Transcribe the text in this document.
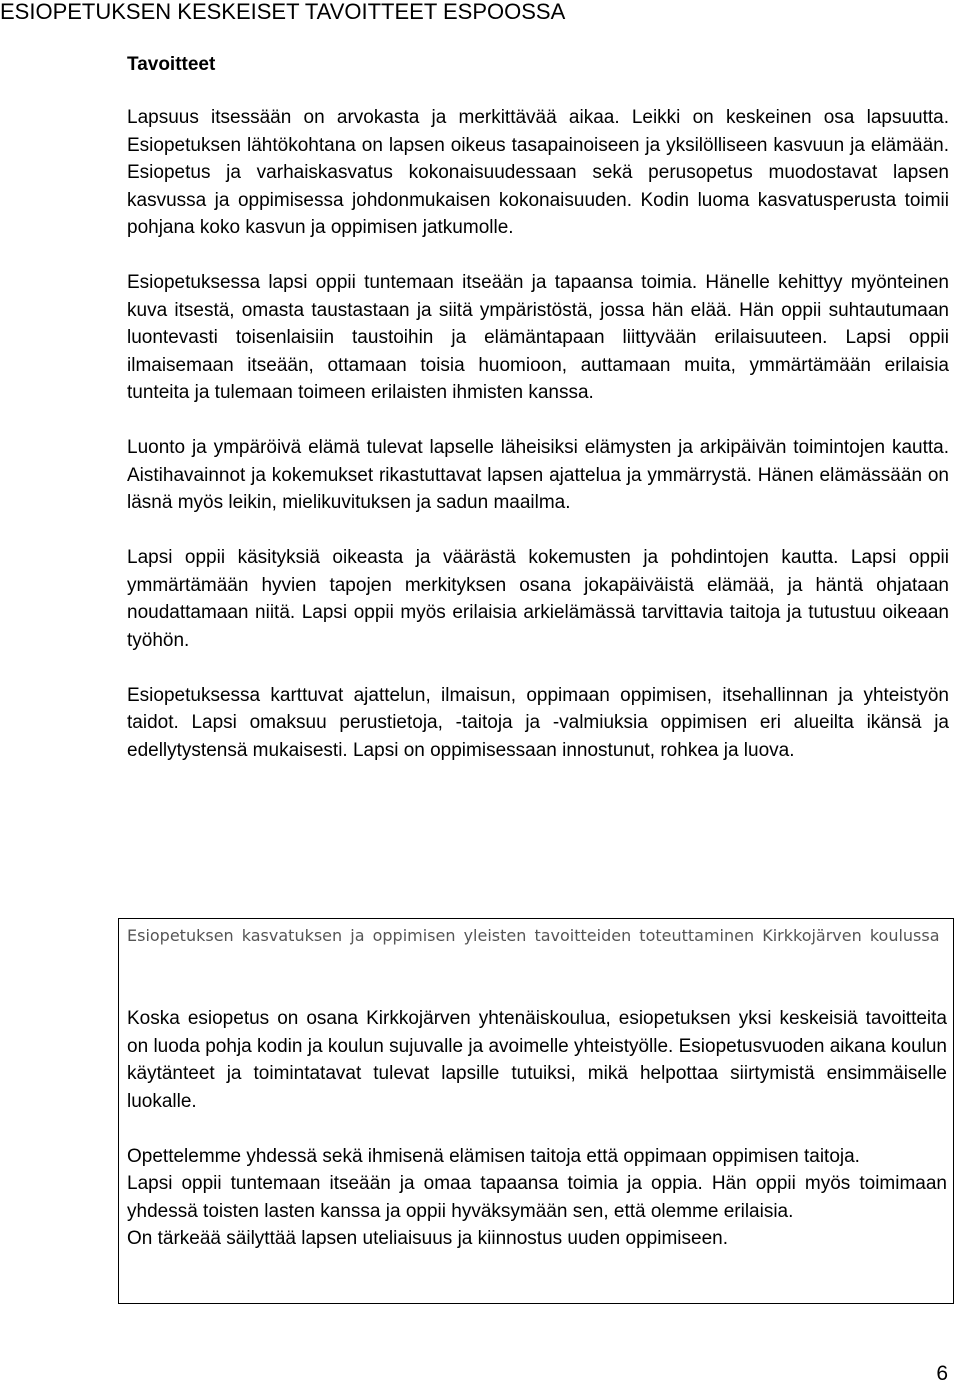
ESIOPETUKSEN KESKEISET TAVOITTEET ESPOOSSA
Tavoitteet

Lapsuus itsessään on arvokasta ja merkittävää aikaa. Leikki on keskeinen osa lapsuutta. Esiopetuksen lähtökohtana on lapsen oikeus tasapainoiseen ja yksilölliseen kasvuun ja elämään. Esiopetus ja varhaiskasvatus kokonaisuudessaan sekä perusopetus muodostavat lapsen kasvussa ja oppimisessa johdonmukaisen kokonaisuuden. Kodin luoma kasvatusperusta toimii pohjana koko kasvun ja oppimisen jatkumolle.

Esiopetuksessa lapsi oppii tuntemaan itseään ja tapaansa toimia. Hänelle kehittyy myönteinen kuva itsestä, omasta taustastaan ja siitä ympäristöstä, jossa hän elää. Hän oppii suhtautumaan luontevasti toisenlaisiin taustoihin ja elämäntapaan liittyvään erilaisuuteen. Lapsi oppii ilmaisemaan itseään, ottamaan toisia huomioon, auttamaan muita, ymmärtämään erilaisia tunteita ja tulemaan toimeen erilaisten ihmisten kanssa.

Luonto ja ympäröivä elämä tulevat lapselle läheisiksi elämysten ja arkipäivän toimintojen kautta. Aistihavainnot ja kokemukset rikastuttavat lapsen ajattelua ja ymmärrystä. Hänen elämässään on läsnä myös leikin, mielikuvituksen ja sadun maailma.

Lapsi oppii käsityksiä oikeasta ja väärästä kokemusten ja pohdintojen kautta. Lapsi oppii ymmärtämään hyvien tapojen merkityksen osana jokapäiväistä elämää, ja häntä ohjataan noudattamaan niitä. Lapsi oppii myös erilaisia arkielämässä tarvittavia taitoja ja tutustuu oikeaan työhön.

Esiopetuksessa karttuvat ajattelun, ilmaisun, oppimaan oppimisen, itsehallinnan ja yhteistyön taidot. Lapsi omaksuu perustietoja, -taitoja ja -valmiuksia oppimisen eri alueilta ikänsä ja edellytystensä mukaisesti. Lapsi on oppimisessaan innostunut, rohkea ja luova.

Esiopetuksen kasvatuksen ja oppimisen yleisten tavoitteiden toteuttaminen Kirkkojärven koulussa

Koska esiopetus on osana Kirkkojärven yhtenäiskoulua, esiopetuksen yksi keskeisiä tavoitteita on luoda pohja kodin ja koulun sujuvalle ja avoimelle yhteistyölle. Esiopetusvuoden aikana koulun käytänteet ja toimintatavat tulevat lapsille tutuiksi, mikä helpottaa siirtymistä ensimmäiselle luokalle.

Opettelemme yhdessä sekä ihmisenä elämisen taitoja että oppimaan oppimisen taitoja.

Lapsi oppii tuntemaan itseään ja omaa tapaansa toimia ja oppia. Hän oppii myös toimimaan yhdessä toisten lasten kanssa ja oppii hyväksymään sen, että olemme erilaisia.

On tärkeää säilyttää lapsen uteliaisuus ja kiinnostus uuden oppimiseen.

6
